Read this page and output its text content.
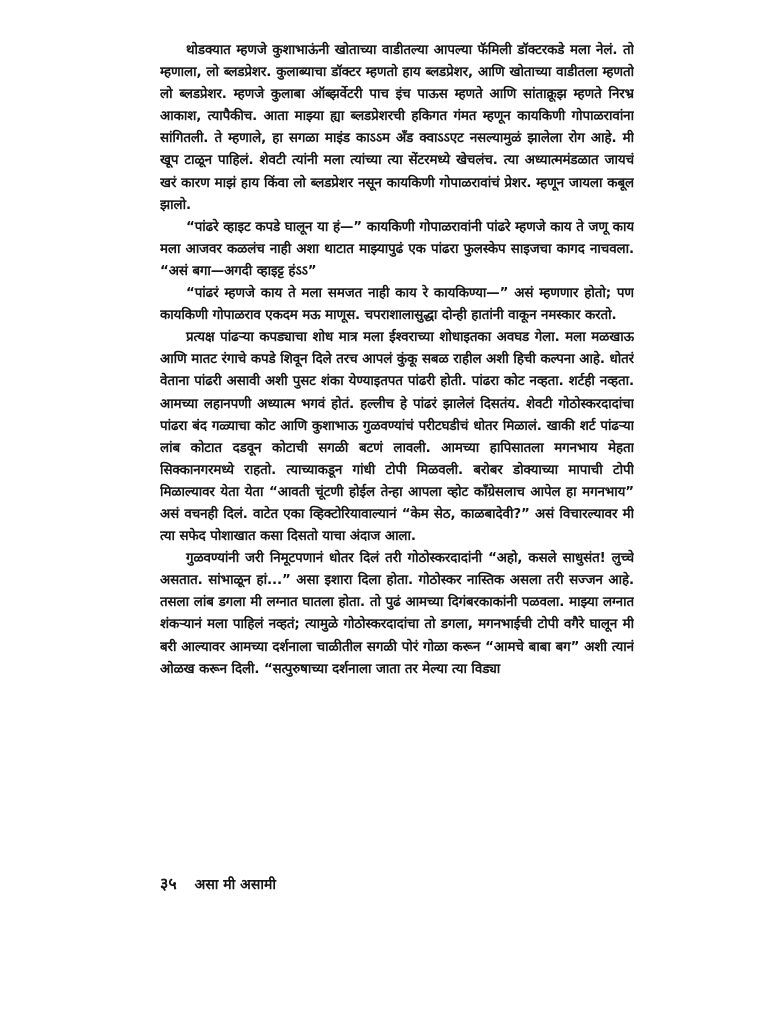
थोडक्यात म्हणजे कुशाभाऊंनी खोताच्या वाडीतल्या आपल्या फॅमिली डॉक्टरकडे मला नेलं. तो म्हणाला, लो ब्लडप्रेशर. कुलाब्याचा डॉक्टर म्हणतो हाय ब्लडप्रेशर, आणि खोताच्या वाडीतला म्हणतो लो ब्लडप्रेशर. म्हणजे कुलाबा ऑब्झर्वेटरी पाच इंच पाऊस म्हणते आणि सांताक्रूझ म्हणते निरभ्र आकाश, त्यापैकीच. आता माझ्या ह्या ब्लडप्रेशरची हकिगत गंमत म्हणून कायकिणी गोपाळरावांना सांगितली. ते म्हणाले, हा सगळा माइंड काऽऽम अँड क्वाऽऽएट नसल्यामुळं झालेला रोग आहे. मी खूप टाळून पाहिलं. शेवटी त्यांनी मला त्यांच्या त्या सेंटरमध्ये खेचलंच. त्या अध्यात्ममंडळात जायचं खरं कारण माझं हाय किंवा लो ब्लडप्रेशर नसून कायकिणी गोपाळरावांचं प्रेशर. म्हणून जायला कबूल झालो.

“पांढरे व्हाइट कपडे घालून या हं—” कायकिणी गोपाळरावांनी पांढरे म्हणजे काय ते जणू काय मला आजवर कळलंच नाही अशा थाटात माझ्यापुढं एक पांढरा फुलस्केप साइजचा कागद नाचवला. “असं बगा—अगदी व्हाइट्ट हंऽऽ”

“पांढरं म्हणजे काय ते मला समजत नाही काय रे कायकिण्या—” असं म्हणणार होतो; पण कायकिणी गोपाळराव एकदम मऊ माणूस. चपराशालासुद्धा दोन्ही हातांनी वाकून नमस्कार करतो.

प्रत्यक्ष पांढऱ्या कपड्याचा शोध मात्र मला ईश्वराच्या शोधाइतका अवघड गेला. मला मळखाऊ आणि मातट रंगाचे कपडे शिवून दिले तरच आपलं कुंकू सबळ राहील अशी हिची कल्पना आहे. धोतरं वेताना पांढरी असावी अशी पुसट शंका येण्याइतपत पांढरी होती. पांढरा कोट नव्हता. शर्टही नव्हता. आमच्या लहानपणी अध्यात्म भगवं होतं. हल्लीच हे पांढरं झालेलं दिसतंय. शेवटी गोठोस्करदादांचा पांढरा बंद गळ्याचा कोट आणि कुशाभाऊ गुळवण्यांचं परीटघडीचं धोतर मिळालं. खाकी शर्ट पांढऱ्या लांब कोटात दडवून कोटाची सगळी बटणं लावली. आमच्या हापिसातला मगनभाय मेहता सिक्कानगरमध्ये राहतो. त्याच्याकडून गांधी टोपी मिळवली. बरोबर डोक्याच्या मापाची टोपी मिळाल्यावर येता येता “आवती चूंटणी होईल तेन्हा आपला व्होट कॉंग्रेसलाच आपेल हा मगनभाय” असं वचनही दिलं. वाटेत एका व्हिक्टोरियावाल्यानं “केम सेठ, काळबादेवी?” असं विचारल्यावर मी त्या सफेद पोशाखात कसा दिसतो याचा अंदाज आला.

गुळवण्यांनी जरी निमूटपणानं धोतर दिलं तरी गोठोस्करदादांनी “अहो, कसले साधुसंत! लुच्चे असतात. सांभाळून हां...” असा इशारा दिला होता. गोठोस्कर नास्तिक असला तरी सज्जन आहे. तसला लांब डगला मी लग्नात घातला होता. तो पुढं आमच्या दिगंबरकाकांनी पळवला. माझ्या लग्नात शंकऱ्यानं मला पाहिलं नव्हतं; त्यामुळे गोठोस्करदादांचा तो डगला, मगनभाईची टोपी वगैरे घालून मी बरी आल्यावर आमच्या दर्शनाला चाळीतील सगळी पोरं गोळा करून “आमचे बाबा बग” अशी त्यानं ओळख करून दिली. “सत्पुरुषाच्या दर्शनाला जाता तर मेल्या त्या विड्या

३५ असा मी असामी
